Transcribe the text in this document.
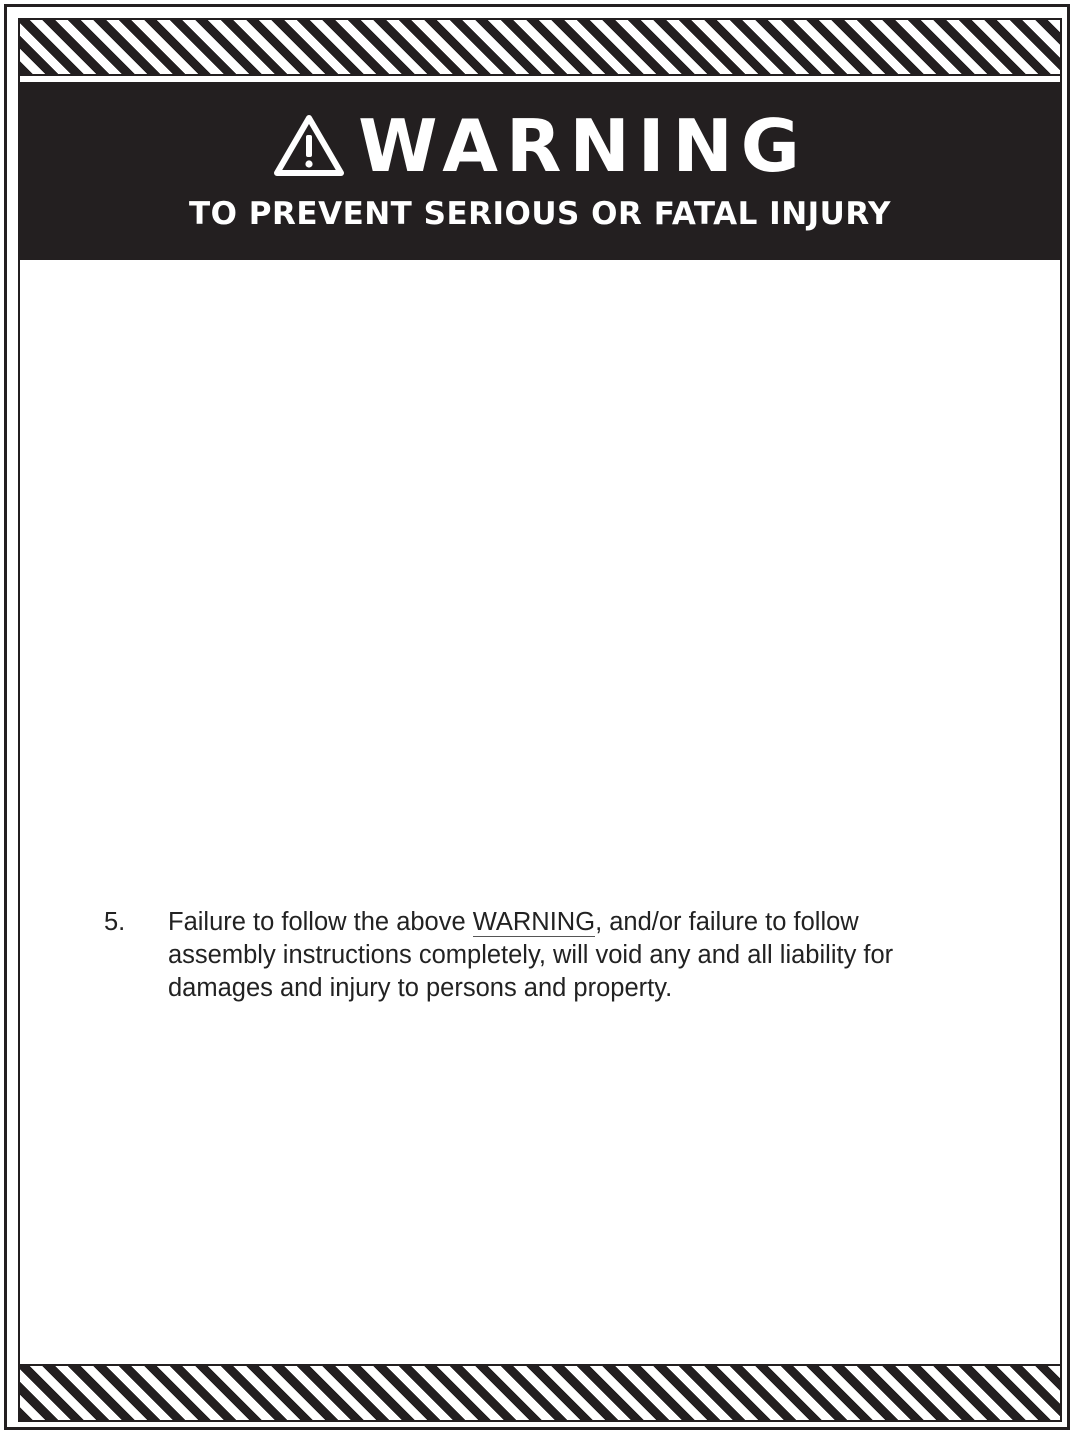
WARNING
TO PREVENT SERIOUS OR FATAL INJURY
5. Failure to follow the above WARNING, and/or failure to follow assembly instructions completely, will void any and all liability for damages and injury to persons and property.
